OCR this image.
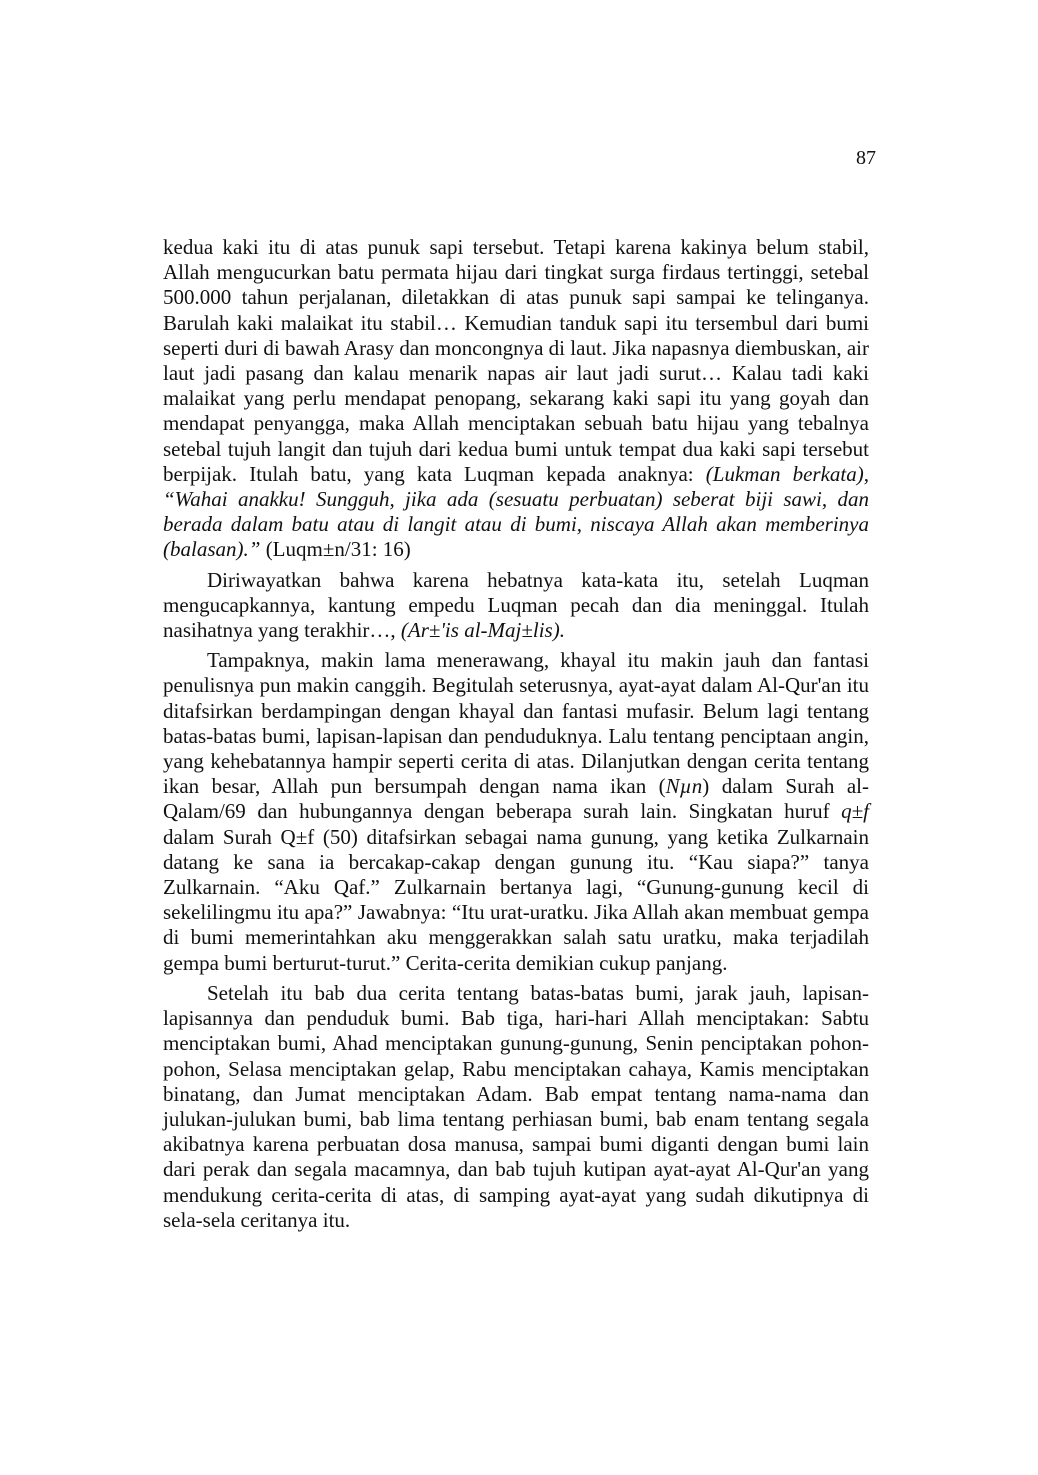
87

kedua kaki itu di atas punuk sapi tersebut. Tetapi karena kakinya belum stabil, Allah mengucurkan batu permata hijau dari tingkat surga firdaus tertinggi, setebal 500.000 tahun perjalanan, diletakkan di atas punuk sapi sampai ke telinganya. Barulah kaki malaikat itu stabil… Kemudian tanduk sapi itu tersembul dari bumi seperti duri di bawah Arasy dan moncongnya di laut. Jika napasnya diembuskan, air laut jadi pasang dan kalau menarik napas air laut jadi surut… Kalau tadi kaki malaikat yang perlu mendapat penopang, sekarang kaki sapi itu yang goyah dan mendapat penyangga, maka Allah menciptakan sebuah batu hijau yang tebalnya setebal tujuh langit dan tujuh dari kedua bumi untuk tempat dua kaki sapi tersebut berpijak. Itulah batu, yang kata Luqman kepada anaknya: (Lukman berkata), “Wahai anakku! Sungguh, jika ada (sesuatu perbuatan) seberat biji sawi, dan berada dalam batu atau di langit atau di bumi, niscaya Allah akan memberinya (balasan).” (Luqm±n/31: 16)

Diriwayatkan bahwa karena hebatnya kata-kata itu, setelah Luqman mengucapkannya, kantung empedu Luqman pecah dan dia meninggal. Itulah nasihatnya yang terakhir…, (Ar±'is al-Maj±lis).

Tampaknya, makin lama menerawang, khayal itu makin jauh dan fantasi penulisnya pun makin canggih. Begitulah seterusnya, ayat-ayat dalam Al-Qur'an itu ditafsirkan berdampingan dengan khayal dan fantasi mufasir. Belum lagi tentang batas-batas bumi, lapisan-lapisan dan penduduknya. Lalu tentang penciptaan angin, yang kehebatannya hampir seperti cerita di atas. Dilanjutkan dengan cerita tentang ikan besar, Allah pun bersumpah dengan nama ikan (Nµn) dalam Surah al-Qalam/69 dan hubungannya dengan beberapa surah lain. Singkatan huruf q±f dalam Surah Q±f (50) ditafsirkan sebagai nama gunung, yang ketika Zulkarnain datang ke sana ia bercakap-cakap dengan gunung itu. “Kau siapa?” tanya Zulkarnain. “Aku Qaf.” Zulkarnain bertanya lagi, “Gunung-gunung kecil di sekelilingmu itu apa?” Jawabnya: “Itu urat-uratku. Jika Allah akan membuat gempa di bumi memerintahkan aku menggerakkan salah satu uratku, maka terjadilah gempa bumi berturut-turut.” Cerita-cerita demikian cukup panjang.

Setelah itu bab dua cerita tentang batas-batas bumi, jarak jauh, lapisan-lapisannya dan penduduk bumi. Bab tiga, hari-hari Allah menciptakan: Sabtu menciptakan bumi, Ahad menciptakan gunung-gunung, Senin penciptakan pohon-pohon, Selasa menciptakan gelap, Rabu menciptakan cahaya, Kamis menciptakan binatang, dan Jumat menciptakan Adam. Bab empat tentang nama-nama dan julukan-julukan bumi, bab lima tentang perhiasan bumi, bab enam tentang segala akibatnya karena perbuatan dosa manusa, sampai bumi diganti dengan bumi lain dari perak dan segala macamnya, dan bab tujuh kutipan ayat-ayat Al-Qur'an yang mendukung cerita-cerita di atas, di samping ayat-ayat yang sudah dikutipnya di sela-sela ceritanya itu.
